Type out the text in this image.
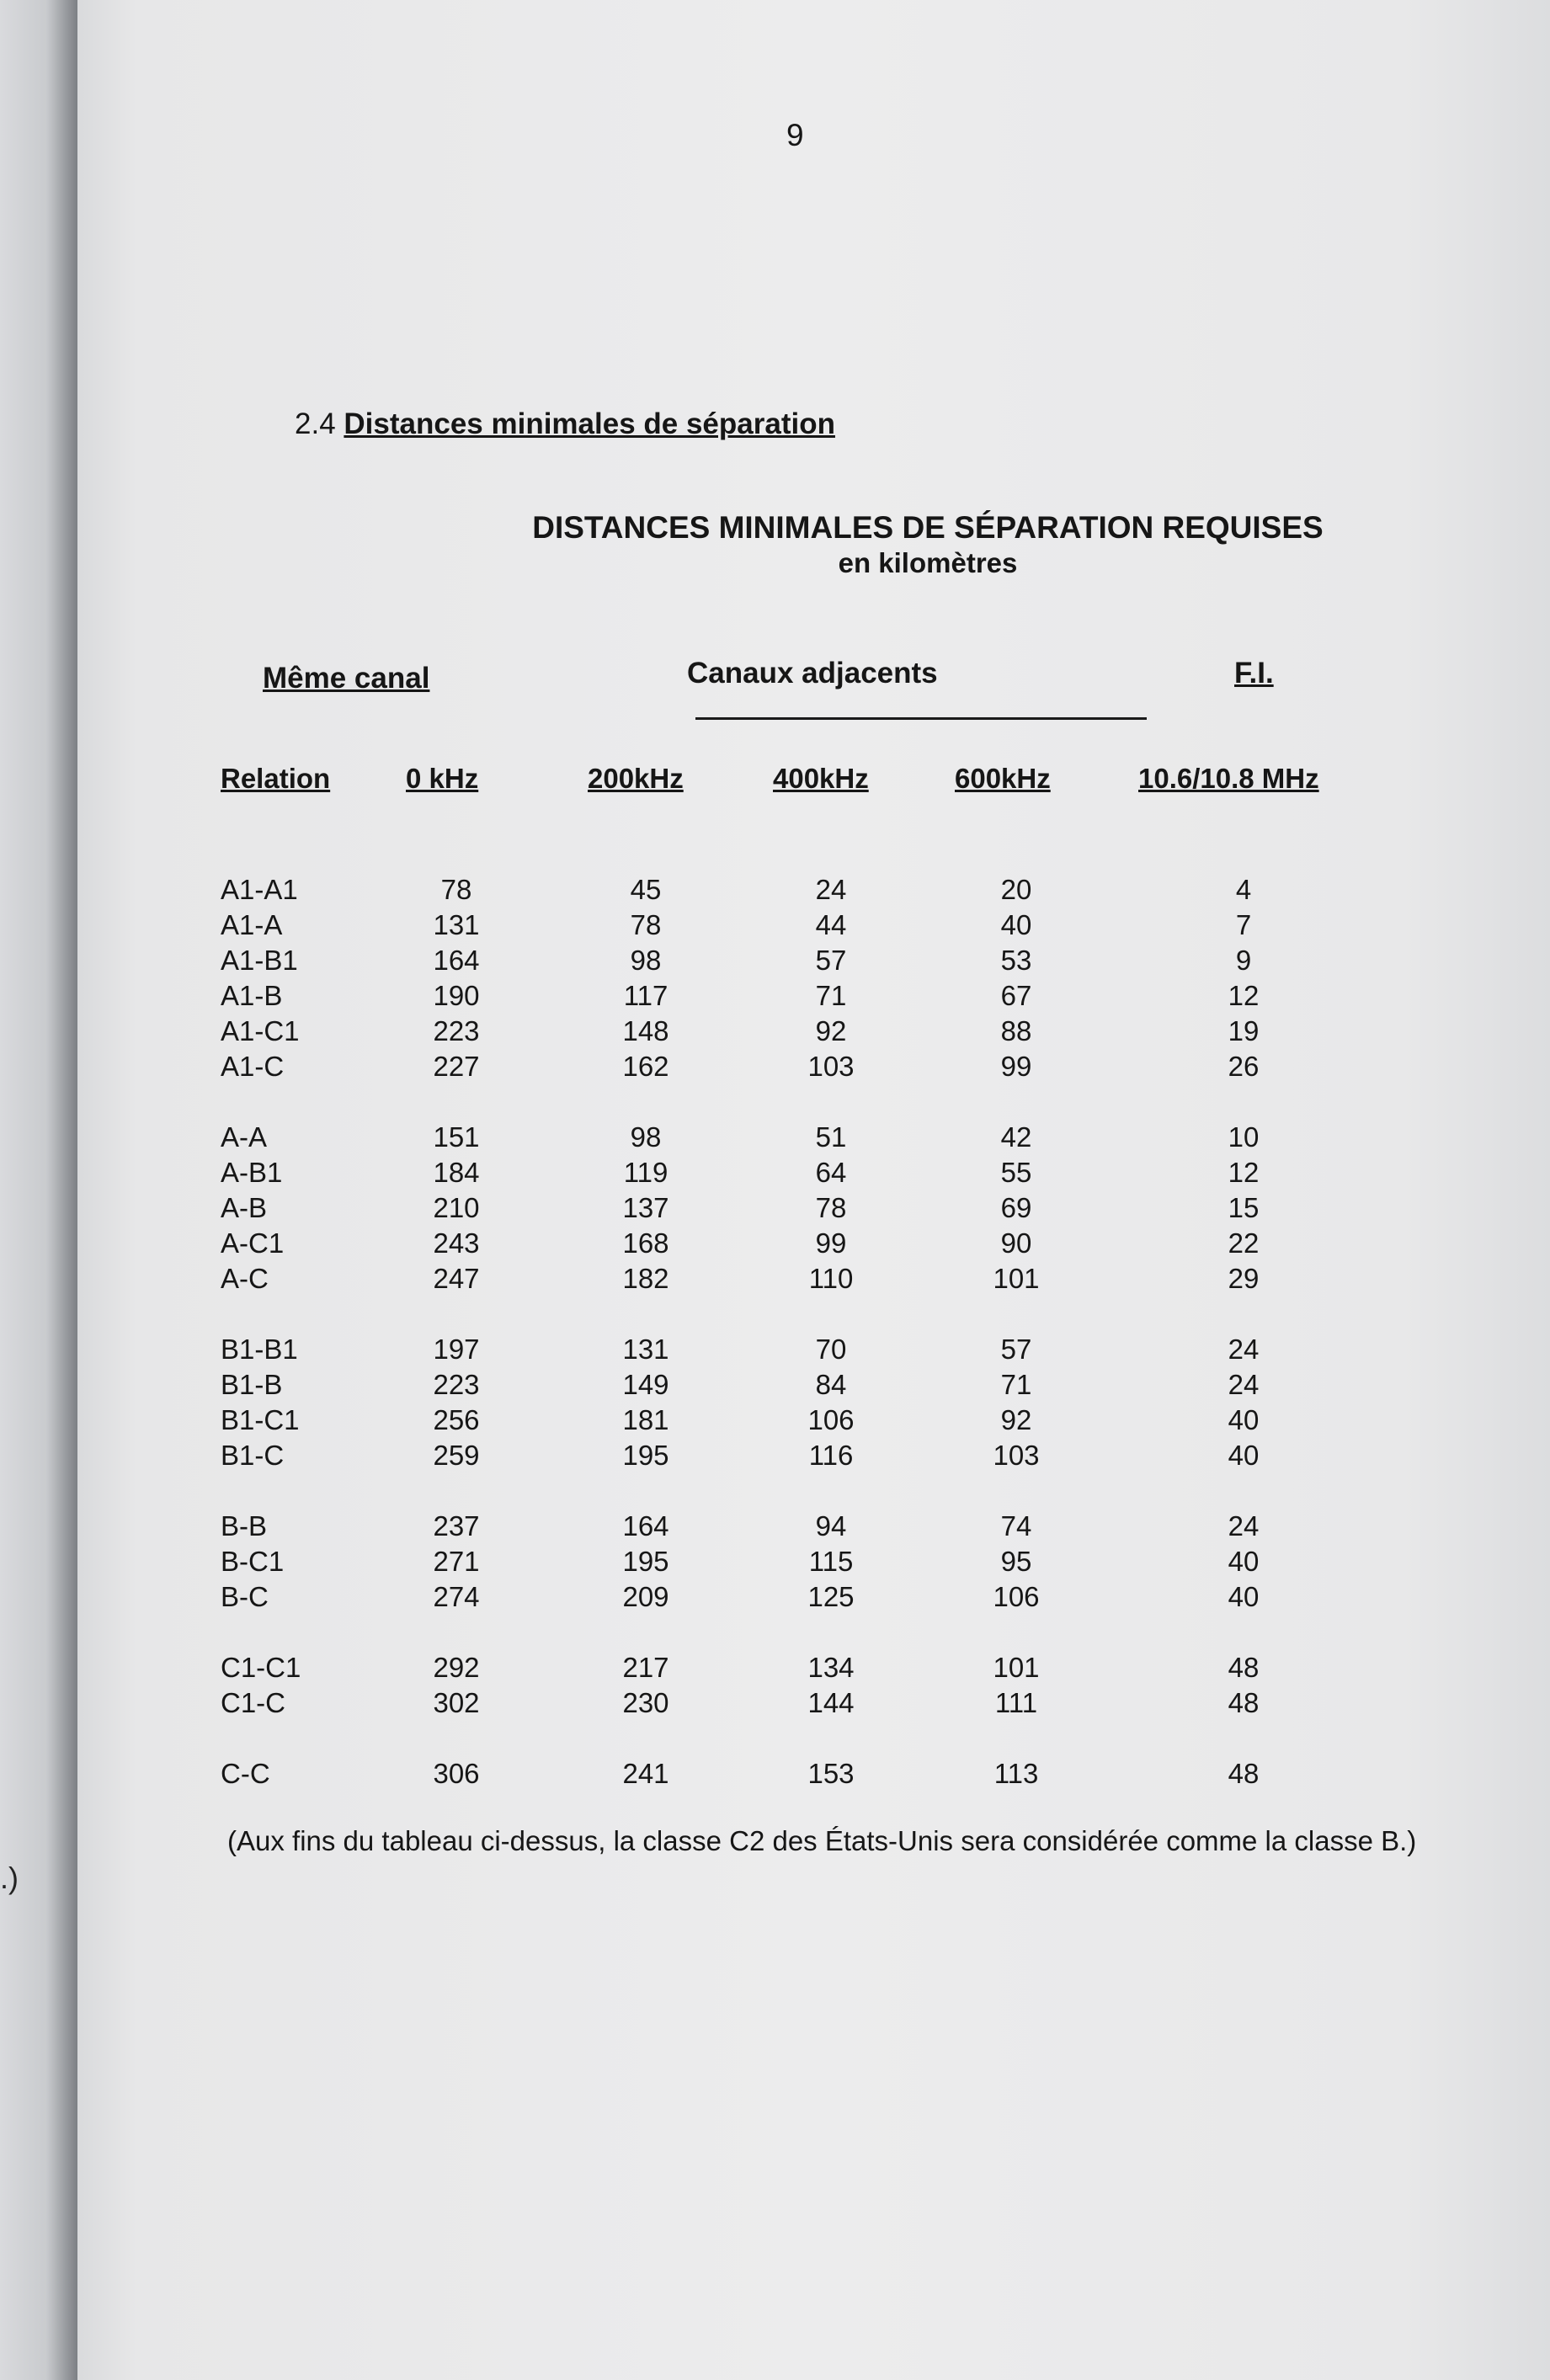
.)
9
2.4 Distances minimales de séparation
DISTANCES MINIMALES DE SÉPARATION REQUISES
en kilomètres
Même canal	Canaux adjacents	F.I.
Relation	0 kHz	200kHz	400kHz	600kHz	10.6/10.8 MHz
A1-A1	78	45	24	20	4
A1-A	131	78	44	40	7
A1-B1	164	98	57	53	9
A1-B	190	117	71	67	12
A1-C1	223	148	92	88	19
A1-C	227	162	103	99	26
A-A	151	98	51	42	10
A-B1	184	119	64	55	12
A-B	210	137	78	69	15
A-C1	243	168	99	90	22
A-C	247	182	110	101	29
B1-B1	197	131	70	57	24
B1-B	223	149	84	71	24
B1-C1	256	181	106	92	40
B1-C	259	195	116	103	40
B-B	237	164	94	74	24
B-C1	271	195	115	95	40
B-C	274	209	125	106	40
C1-C1	292	217	134	101	48
C1-C	302	230	144	111	48
C-C	306	241	153	113	48
(Aux fins du tableau ci-dessus, la classe C2 des États-Unis sera considérée comme la classe B.)
